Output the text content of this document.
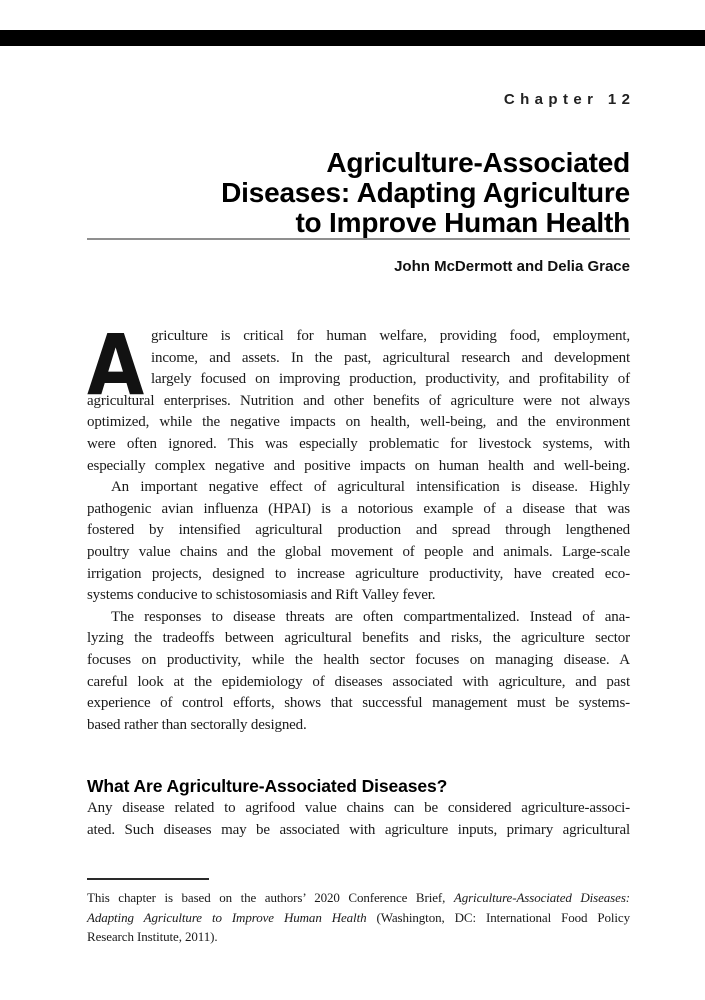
Chapter 12
Agriculture-Associated
Diseases: Adapting Agriculture
to Improve Human Health
John McDermott and Delia Grace
A griculture is critical for human welfare, providing food, employment,
income, and assets. In the past, agricultural research and development
largely focused on improving production, productivity, and profitability of
agricultural enterprises. Nutrition and other benefits of agriculture were not always
optimized, while the negative impacts on health, well-being, and the environment
were often ignored. This was especially problematic for livestock systems, with
especially complex negative and positive impacts on human health and well-being.
An important negative effect of agricultural intensification is disease. Highly
pathogenic avian influenza (HPAI) is a notorious example of a disease that was
fostered by intensified agricultural production and spread through lengthened
poultry value chains and the global movement of people and animals. Large-scale
irrigation projects, designed to increase agriculture productivity, have created eco-
systems conducive to schistosomiasis and Rift Valley fever.
The responses to disease threats are often compartmentalized. Instead of ana-
lyzing the tradeoffs between agricultural benefits and risks, the agriculture sector
focuses on productivity, while the health sector focuses on managing disease. A
careful look at the epidemiology of diseases associated with agriculture, and past
experience of control efforts, shows that successful management must be systems-
based rather than sectorally designed.
What Are Agriculture-Associated Diseases?
Any disease related to agrifood value chains can be considered agriculture-associ-
ated. Such diseases may be associated with agriculture inputs, primary agricultural
This chapter is based on the authors’ 2020 Conference Brief, Agriculture-Associated Diseases:
Adapting Agriculture to Improve Human Health (Washington, DC: International Food Policy
Research Institute, 2011).
